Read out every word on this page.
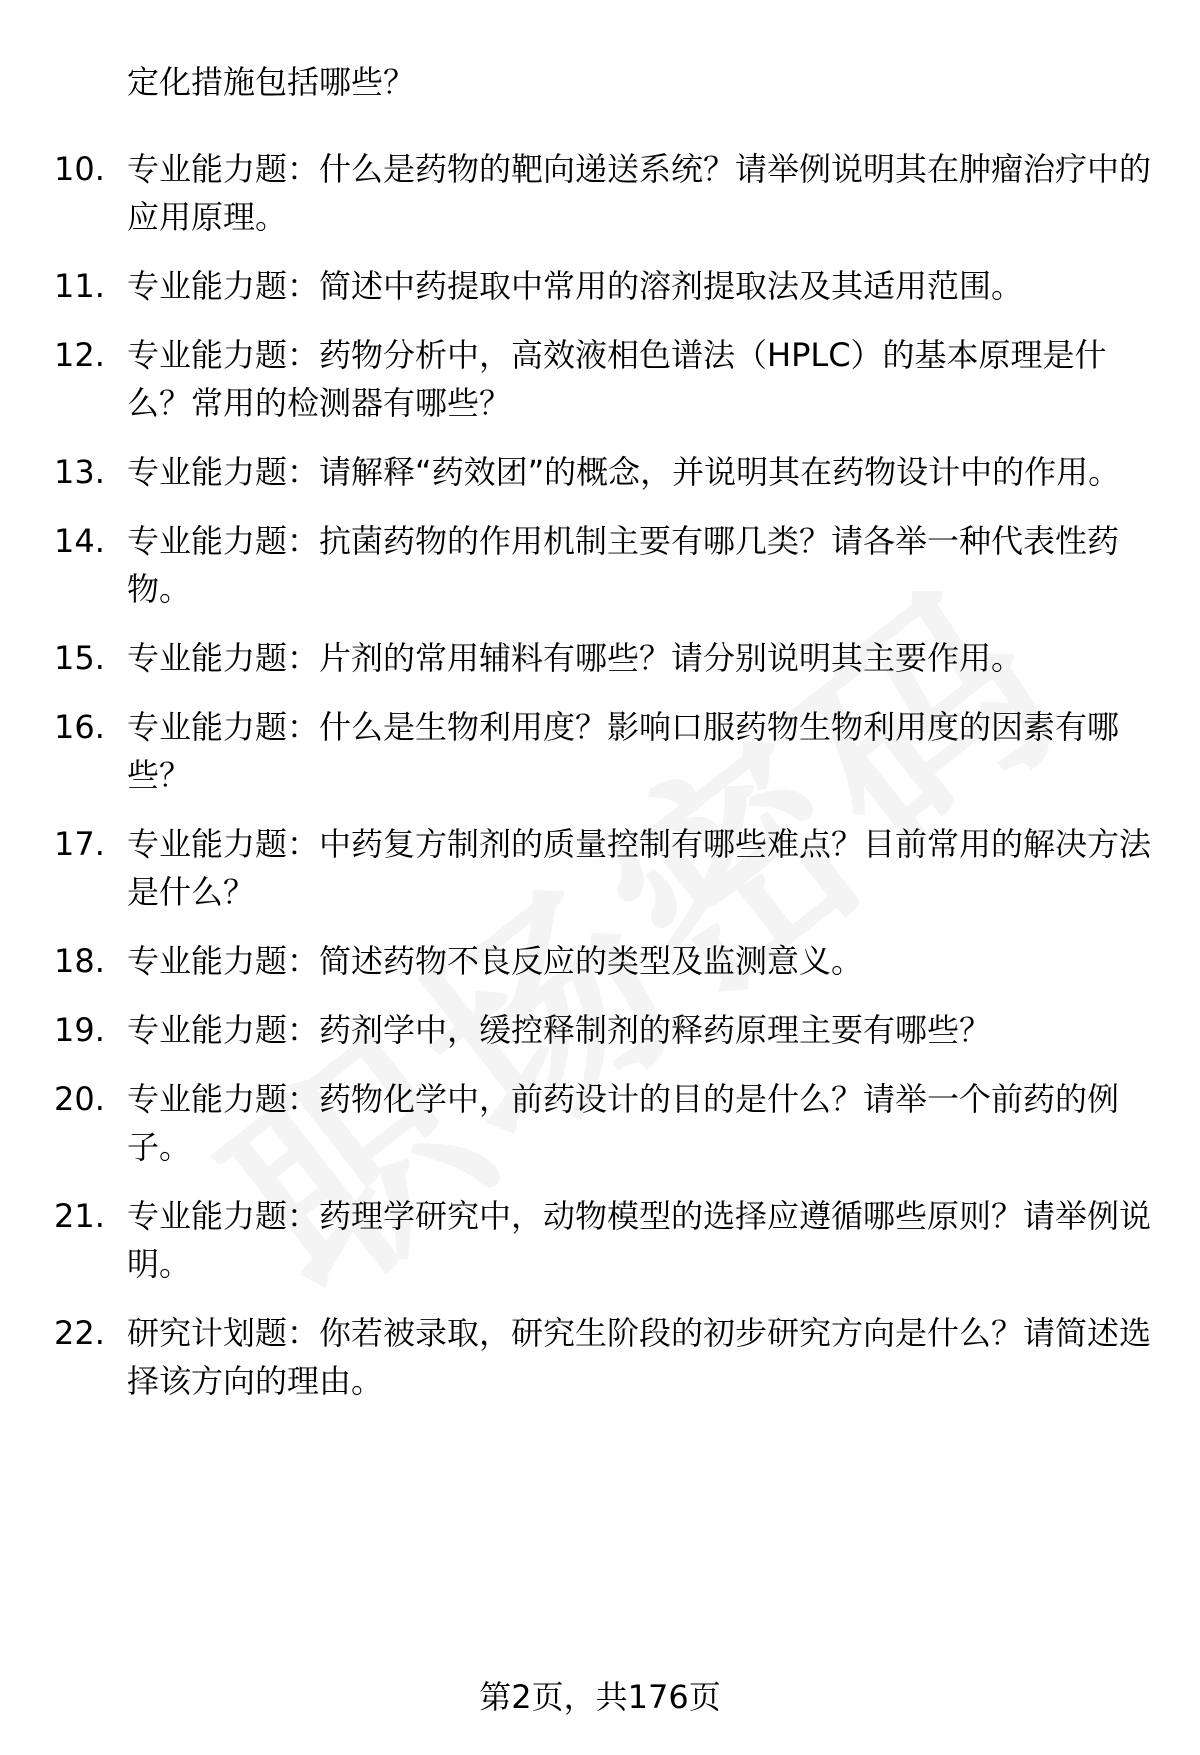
定化措施包括哪些？

10. 专业能力题：什么是药物的靶向递送系统？请举例说明其在肿瘤治疗中的应用原理。
11. 专业能力题：简述中药提取中常用的溶剂提取法及其适用范围。
12. 专业能力题：药物分析中，高效液相色谱法（HPLC）的基本原理是什么？常用的检测器有哪些？
13. 专业能力题：请解释“药效团”的概念，并说明其在药物设计中的作用。
14. 专业能力题：抗菌药物的作用机制主要有哪几类？请各举一种代表性药物。
15. 专业能力题：片剂的常用辅料有哪些？请分别说明其主要作用。
16. 专业能力题：什么是生物利用度？影响口服药物生物利用度的因素有哪些？
17. 专业能力题：中药复方制剂的质量控制有哪些难点？目前常用的解决方法是什么？
18. 专业能力题：简述药物不良反应的类型及监测意义。
19. 专业能力题：药剂学中，缓控释制剂的释药原理主要有哪些？
20. 专业能力题：药物化学中，前药设计的目的是什么？请举一个前药的例子。
21. 专业能力题：药理学研究中，动物模型的选择应遵循哪些原则？请举例说明。
22. 研究计划题：你若被录取，研究生阶段的初步研究方向是什么？请简述选择该方向的理由。
第2页，共176页
